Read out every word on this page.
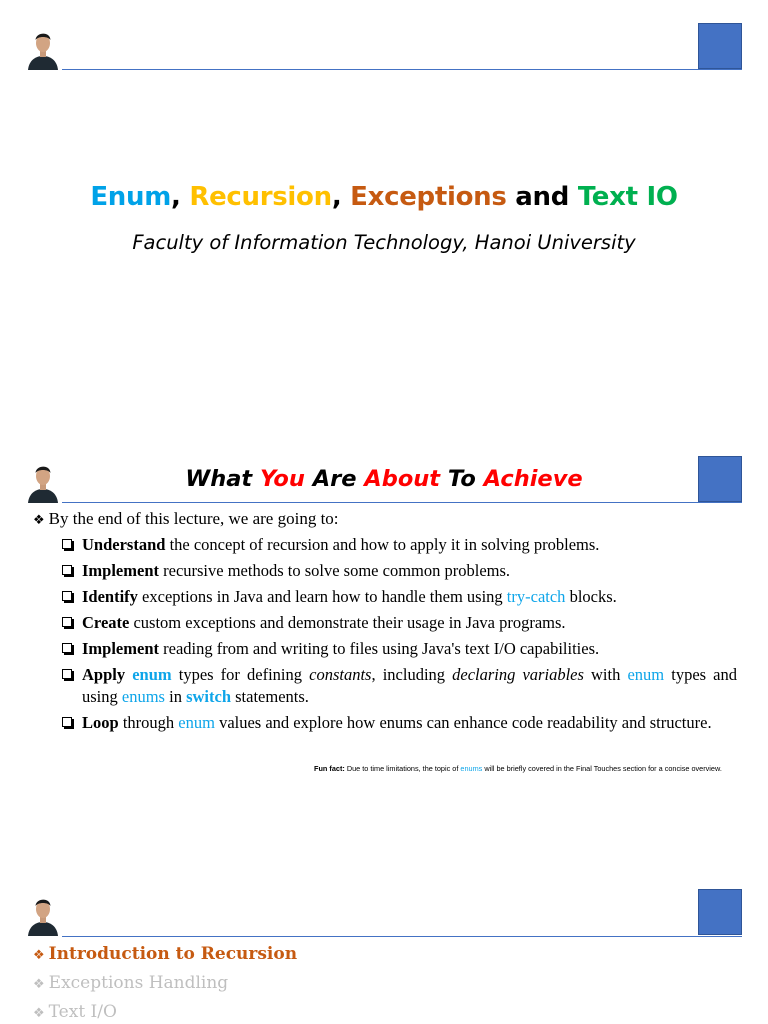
Enum, Recursion, Exceptions and Text IO
Faculty of Information Technology, Hanoi University
What You Are About To Achieve
❖ By the end of this lecture, we are going to:
Understand the concept of recursion and how to apply it in solving problems.
Implement recursive methods to solve some common problems.
Identify exceptions in Java and learn how to handle them using try-catch blocks.
Create custom exceptions and demonstrate their usage in Java programs.
Implement reading from and writing to files using Java's text I/O capabilities.
Apply enum types for defining constants, including declaring variables with enum types and using enums in switch statements.
Loop through enum values and explore how enums can enhance code readability and structure.
Fun fact: Due to time limitations, the topic of enums will be briefly covered in the Final Touches section for a concise overview.
❖ Introduction to Recursion
❖ Exceptions Handling
❖ Text I/O
